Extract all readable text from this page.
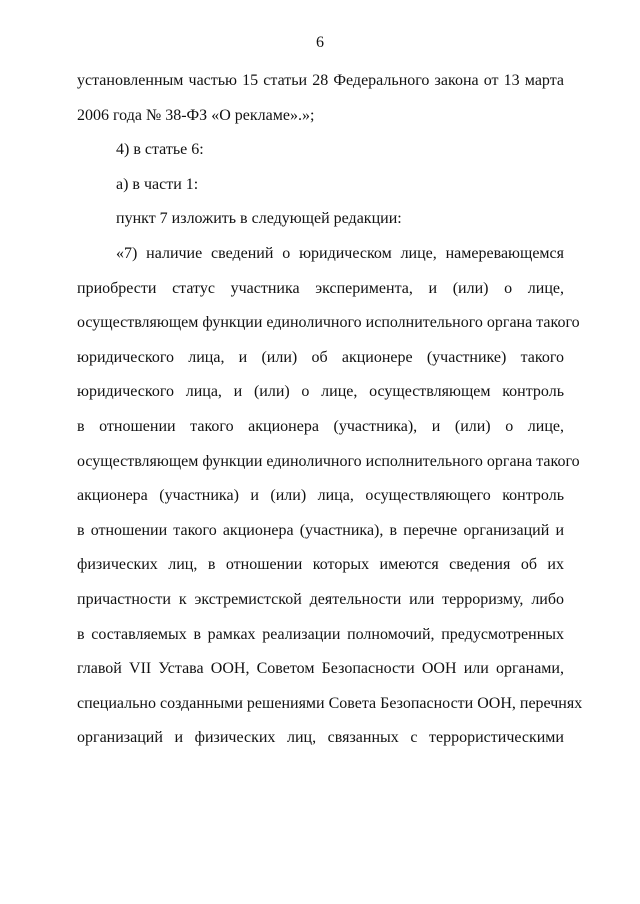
6
установленным частью 15 статьи 28 Федерального закона от 13 марта
2006 года № 38-ФЗ «О рекламе».»;
4) в статье 6:
а) в части 1:
пункт 7 изложить в следующей редакции:
«7) наличие сведений о юридическом лице, намеревающемся
приобрести статус участника эксперимента, и (или) о лице,
осуществляющем функции единоличного исполнительного органа такого
юридического лица, и (или) об акционере (участнике) такого
юридического лица, и (или) о лице, осуществляющем контроль
в отношении такого акционера (участника), и (или) о лице,
осуществляющем функции единоличного исполнительного органа такого
акционера (участника) и (или) лица, осуществляющего контроль
в отношении такого акционера (участника), в перечне организаций и
физических лиц, в отношении которых имеются сведения об их
причастности к экстремистской деятельности или терроризму, либо
в составляемых в рамках реализации полномочий, предусмотренных
главой VII Устава ООН, Советом Безопасности ООН или органами,
специально созданными решениями Совета Безопасности ООН, перечнях
организаций и физических лиц, связанных с террористическими
